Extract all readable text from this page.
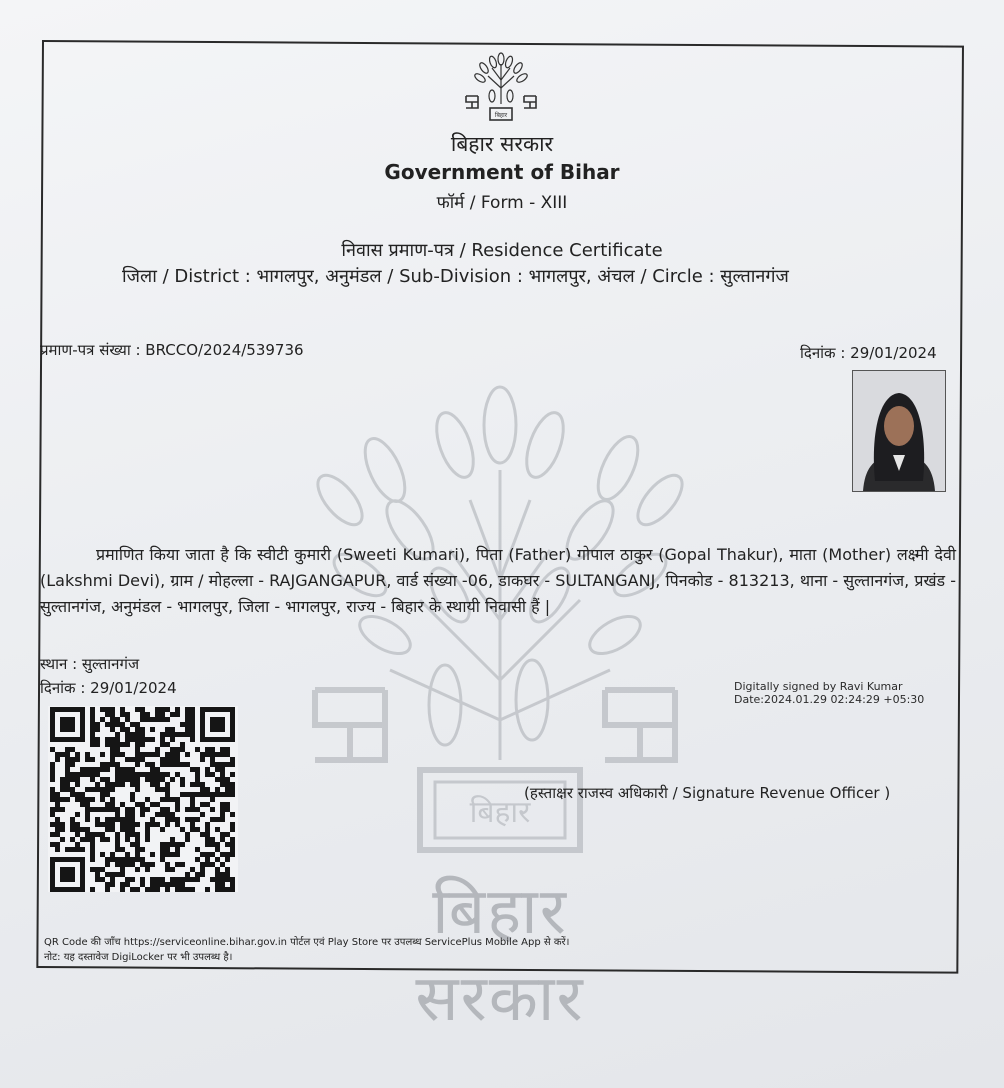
बिहार
बिहार सरकार
बिहार
बिहार सरकार
Government of Bihar
फॉर्म / Form - XIII
निवास प्रमाण-पत्र / Residence Certificate
जिला / District : भागलपुर, अनुमंडल / Sub-Division : भागलपुर, अंचल / Circle : सुल्तानगंज
प्रमाण-पत्र संख्या : BRCCO/2024/539736	दिनांक : 29/01/2024

प्रमाणित किया जाता है कि स्वीटी कुमारी (Sweeti Kumari), पिता (Father) गोपाल ठाकुर (Gopal Thakur), माता (Mother) लक्ष्मी देवी (Lakshmi Devi), ग्राम / मोहल्ला - RAJGANGAPUR, वार्ड संख्या -06, डाकघर - SULTANGANJ, पिनकोड - 813213, थाना - सुल्तानगंज, प्रखंड - सुल्तानगंज, अनुमंडल - भागलपुर, जिला - भागलपुर, राज्य - बिहार के स्थायी निवासी हैं |

स्थान : सुल्तानगंज
दिनांक : 29/01/2024	Digitally signed by Ravi Kumar
Date:2024.01.29 02:24:29 +05:30
(हस्ताक्षर राजस्व अधिकारी / Signature Revenue Officer )
QR Code की जाँच https://serviceonline.bihar.gov.in पोर्टल एवं Play Store पर उपलब्ध ServicePlus Mobile App से करें।
नोट: यह दस्तावेज DigiLocker पर भी उपलब्ध है।
